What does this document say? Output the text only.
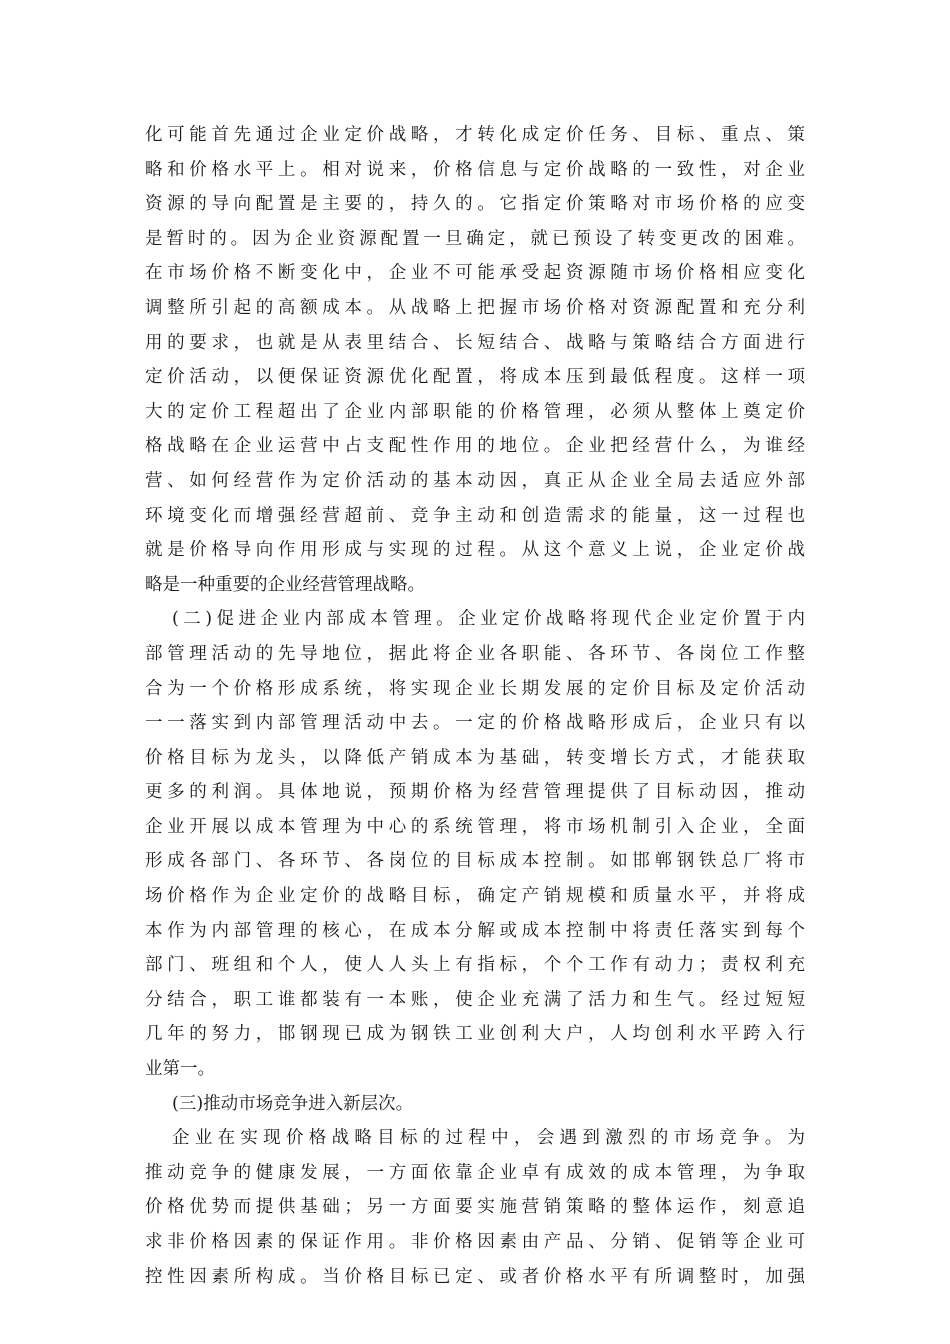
化可能首先通过企业定价战略，才转化成定价任务、目标、重点、策
略和价格水平上。相对说来，价格信息与定价战略的一致性，对企业
资源的导向配置是主要的，持久的。它指定价策略对市场价格的应变
是暂时的。因为企业资源配置一旦确定，就已预设了转变更改的困难。
在市场价格不断变化中，企业不可能承受起资源随市场价格相应变化
调整所引起的高额成本。从战略上把握市场价格对资源配置和充分利
用的要求，也就是从表里结合、长短结合、战略与策略结合方面进行
定价活动，以便保证资源优化配置，将成本压到最低程度。这样一项
大的定价工程超出了企业内部职能的价格管理，必须从整体上奠定价
格战略在企业运营中占支配性作用的地位。企业把经营什么，为谁经
营、如何经营作为定价活动的基本动因，真正从企业全局去适应外部
环境变化而增强经营超前、竞争主动和创造需求的能量，这一过程也
就是价格导向作用形成与实现的过程。从这个意义上说，企业定价战
略是一种重要的企业经营管理战略。
(二)促进企业内部成本管理。企业定价战略将现代企业定价置于内
部管理活动的先导地位，据此将企业各职能、各环节、各岗位工作整
合为一个价格形成系统，将实现企业长期发展的定价目标及定价活动
一一落实到内部管理活动中去。一定的价格战略形成后，企业只有以
价格目标为龙头，以降低产销成本为基础，转变增长方式，才能获取
更多的利润。具体地说，预期价格为经营管理提供了目标动因，推动
企业开展以成本管理为中心的系统管理，将市场机制引入企业，全面
形成各部门、各环节、各岗位的目标成本控制。如邯郸钢铁总厂将市
场价格作为企业定价的战略目标，确定产销规模和质量水平，并将成
本作为内部管理的核心，在成本分解或成本控制中将责任落实到每个
部门、班组和个人，使人人头上有指标，个个工作有动力；责权利充
分结合，职工谁都装有一本账，使企业充满了活力和生气。经过短短
几年的努力，邯钢现已成为钢铁工业创利大户，人均创利水平跨入行
业第一。
(三)推动市场竞争进入新层次。
企业在实现价格战略目标的过程中，会遇到激烈的市场竞争。为
推动竞争的健康发展，一方面依靠企业卓有成效的成本管理，为争取
价格优势而提供基础；另一方面要实施营销策略的整体运作，刻意追
求非价格因素的保证作用。非价格因素由产品、分销、促销等企业可
控性因素所构成。当价格目标已定、或者价格水平有所调整时，加强
